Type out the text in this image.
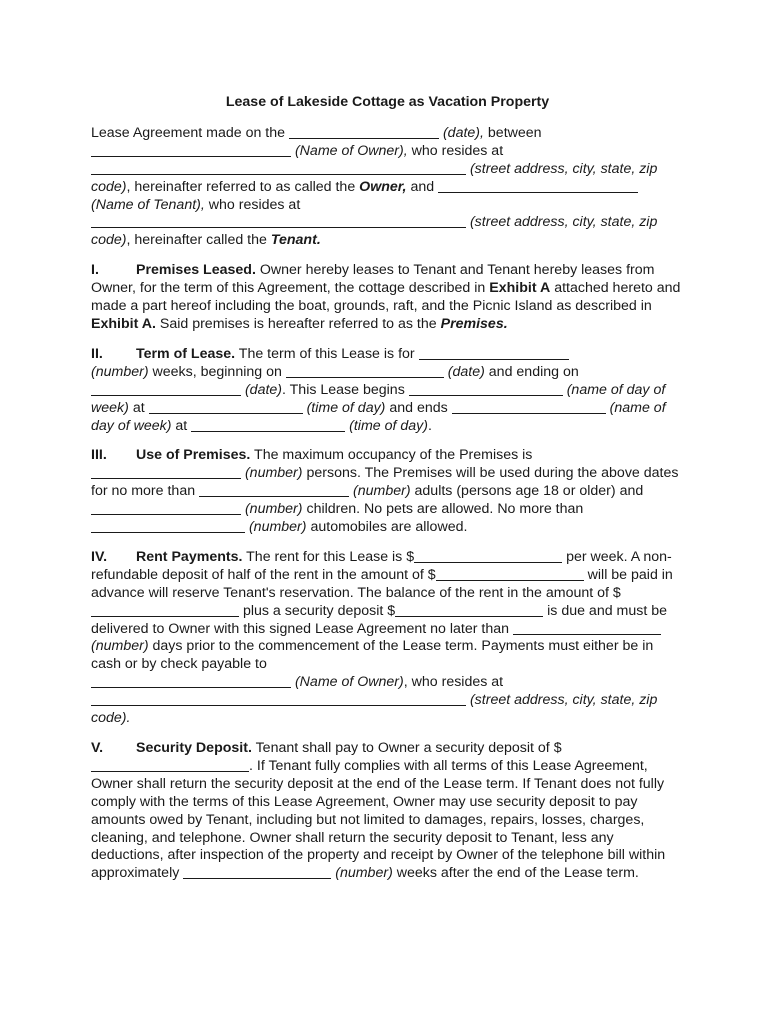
Lease of Lakeside Cottage as Vacation Property
Lease Agreement made on the	(date), between
(Name of Owner), who resides at
(street address, city, state, zip code), hereinafter referred to as called the Owner, and
(Name of Tenant), who resides at
(street address, city, state, zip code), hereinafter called the Tenant.
I.	Premises Leased. Owner hereby leases to Tenant and Tenant hereby leases from Owner, for the term of this Agreement, the cottage described in Exhibit A attached hereto and made a part hereof including the boat, grounds, raft, and the Picnic Island as described in Exhibit A. Said premises is hereafter referred to as the Premises.
II. Term of Lease. The term of this Lease is for
(number) weeks, beginning on	(date) and ending on
(date). This Lease begins	(name of day of week) at	(time of day) and ends	(name of day of week) at	(time of day).
III. Use of Premises. The maximum occupancy of the Premises is
(number) persons. The Premises will be used during the above dates for no more than	(number) adults (persons age 18 or older) and  (number) children. No pets are allowed. No more than  (number) automobiles are allowed.
IV. Rent Payments. The rent for this Lease is $	per week. A non-refundable deposit of half of the rent in the amount of $	will be paid in advance will reserve Tenant's reservation. The balance of the rent in the amount of $ plus a security deposit $	is due and must be delivered to Owner with this signed Lease Agreement no later than  (number) days prior to the commencement of the Lease term. Payments must either be in cash or by check payable to
(Name of Owner), who resides at
(street address, city, state, zip code).
V. Security Deposit. Tenant shall pay to Owner a security deposit of $. If Tenant fully complies with all terms of this Lease Agreement, Owner shall return the security deposit at the end of the Lease term. If Tenant does not fully comply with the terms of this Lease Agreement, Owner may use security deposit to pay amounts owed by Tenant, including but not limited to damages, repairs, losses, charges, cleaning, and telephone. Owner shall return the security deposit to Tenant, less any deductions, after inspection of the property and receipt by Owner of the telephone bill within approximately	(number) weeks after the end of the Lease term.
